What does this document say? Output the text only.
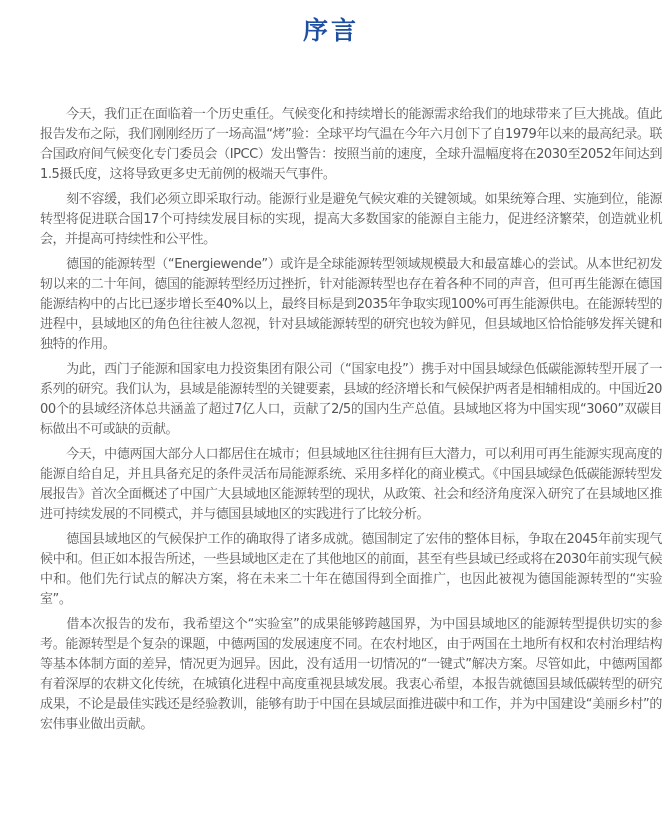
序言

今天，我们正在面临着一个历史重任。气候变化和持续增长的能源需求给我们的地球带来了巨大挑战。值此报告发布之际，我们刚刚经历了一场高温“烤”验：全球平均气温在今年六月创下了自1979年以来的最高纪录。联合国政府间气候变化专门委员会（IPCC）发出警告：按照当前的速度，全球升温幅度将在2030至2052年间达到1.5摄氏度，这将导致更多史无前例的极端天气事件。

刻不容缓，我们必须立即采取行动。能源行业是避免气候灾难的关键领域。如果统筹合理、实施到位，能源转型将促进联合国17个可持续发展目标的实现，提高大多数国家的能源自主能力，促进经济繁荣，创造就业机会，并提高可持续性和公平性。

德国的能源转型（“Energiewende”）或许是全球能源转型领域规模最大和最富雄心的尝试。从本世纪初发轫以来的二十年间，德国的能源转型经历过挫折，针对能源转型也存在着各种不同的声音，但可再生能源在德国能源结构中的占比已逐步增长至40%以上，最终目标是到2035年争取实现100%可再生能源供电。在能源转型的进程中，县域地区的角色往往被人忽视，针对县域能源转型的研究也较为鲜见，但县域地区恰恰能够发挥关键和独特的作用。

为此，西门子能源和国家电力投资集团有限公司（“国家电投”）携手对中国县域绿色低碳能源转型开展了一系列的研究。我们认为，县域是能源转型的关键要素，县域的经济增长和气候保护两者是相辅相成的。中国近2000个的县域经济体总共涵盖了超过7亿人口，贡献了2/5的国内生产总值。县域地区将为中国实现“3060”双碳目标做出不可或缺的贡献。

今天，中德两国大部分人口都居住在城市；但县域地区往往拥有巨大潜力，可以利用可再生能源实现高度的能源自给自足，并且具备充足的条件灵活布局能源系统、采用多样化的商业模式。《中国县域绿色低碳能源转型发展报告》首次全面概述了中国广大县域地区能源转型的现状，从政策、社会和经济角度深入研究了在县域地区推进可持续发展的不同模式，并与德国县域地区的实践进行了比较分析。

德国县域地区的气候保护工作的确取得了诸多成就。德国制定了宏伟的整体目标，争取在2045年前实现气候中和。但正如本报告所述，一些县域地区走在了其他地区的前面，甚至有些县域已经或将在2030年前实现气候中和。他们先行试点的解决方案，将在未来二十年在德国得到全面推广，也因此被视为德国能源转型的“实验室”。

借本次报告的发布，我希望这个“实验室”的成果能够跨越国界，为中国县域地区的能源转型提供切实的参考。能源转型是个复杂的课题，中德两国的发展速度不同。在农村地区，由于两国在土地所有权和农村治理结构等基本体制方面的差异，情况更为迥异。因此，没有适用一切情况的“一键式”解决方案。尽管如此，中德两国都有着深厚的农耕文化传统，在城镇化进程中高度重视县域发展。我衷心希望，本报告就德国县域低碳转型的研究成果，不论是最佳实践还是经验教训，能够有助于中国在县域层面推进碳中和工作，并为中国建设“美丽乡村”的宏伟事业做出贡献。
